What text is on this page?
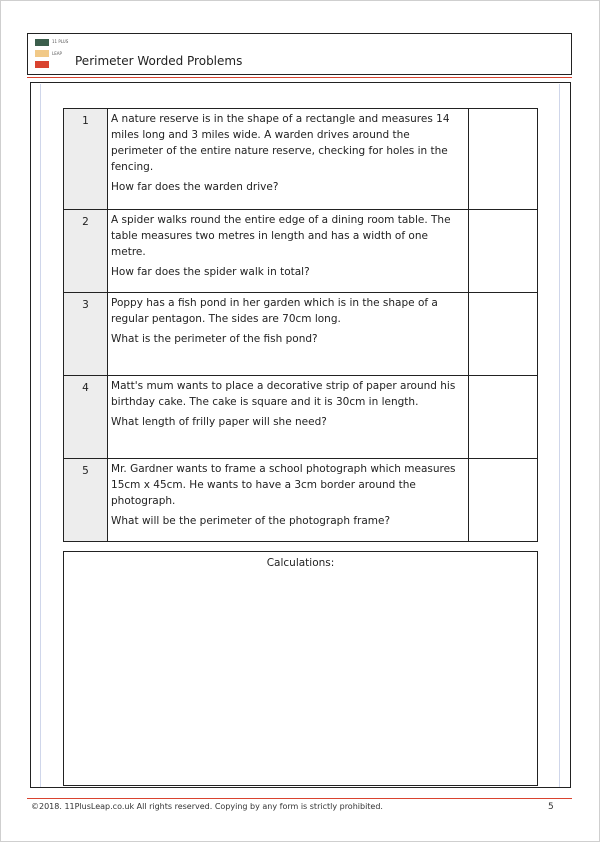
11 PLUS
LEAP
Perimeter Worded Problems
1	A nature reserve is in the shape of a rectangle and measures 14 miles long and 3 miles wide. A warden drives around the perimeter of the entire nature reserve, checking for holes in the fencing.

How far does the warden drive?	

2	A spider walks round the entire edge of a dining room table. The table measures two metres in length and has a width of one metre.

How far does the spider walk in total?	

3	Poppy has a fish pond in her garden which is in the shape of a regular pentagon. The sides are 70cm long.

What is the perimeter of the fish pond?	

4	Matt's mum wants to place a decorative strip of paper around his birthday cake. The cake is square and it is 30cm in length.

What length of frilly paper will she need?	

5	Mr. Gardner wants to frame a school photograph which measures 15cm x 45cm. He wants to have a 3cm border around the photograph.

What will be the perimeter of the photograph frame?	

Calculations:
©2018. 11PlusLeap.co.uk All rights reserved. Copying by any form is strictly prohibited.	5
